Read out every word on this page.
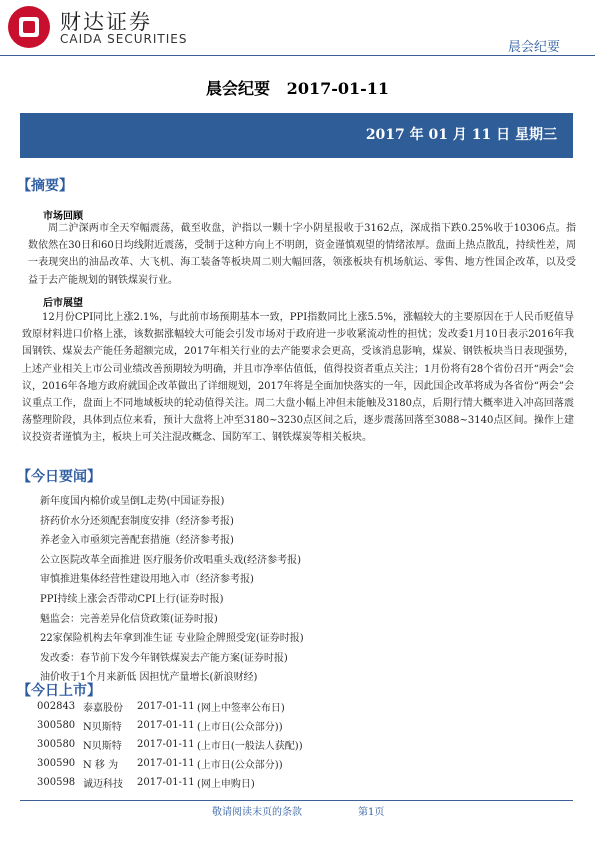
财达证券
CAIDA SECURITIES
晨会纪要
晨会纪要   2017-01-11
2017 年 01 月 11 日 星期三
【摘要】
市场回顾

周二沪深两市全天窄幅震荡，截至收盘，沪指以一颗十字小阴星报收于3162点，深成指下跌0.25%收于10306点。指数依然在30日和60日均线附近震荡，受制于这种方向上不明朗，资金谨慎观望的情绪浓厚。盘面上热点散乱，持续性差，周一表现突出的油品改革、大飞机、海工装备等板块周二则大幅回落，领涨板块有机场航运、零售、地方性国企改革，以及受益于去产能规划的钢铁煤炭行业。

后市展望

12月份CPI同比上涨2.1%，与此前市场预期基本一致，PPI指数同比上涨5.5%，涨幅较大的主要原因在于人民币贬值导致原材料进口价格上涨，该数据涨幅较大可能会引发市场对于政府进一步收紧流动性的担忧；发改委1月10日表示2016年我国钢铁、煤炭去产能任务超额完成，2017年相关行业的去产能要求会更高，受该消息影响，煤炭、钢铁板块当日表现强势，上述产业相关上市公司业绩改善预期较为明确，并且市净率估值低，值得投资者重点关注；1月份将有28个省份召开“两会”会议，2016年各地方政府就国企改革做出了详细规划，2017年将是全面加快落实的一年，因此国企改革将成为各省份“两会”会议重点工作，盘面上不同地域板块的轮动值得关注。周二大盘小幅上冲但未能触及3180点，后期行情大概率进入冲高回落震荡整理阶段，具体到点位来看，预计大盘将上冲至3180~3230点区间之后，逐步震荡回落至3088~3140点区间。操作上建议投资者谨慎为主，板块上可关注混改概念、国防军工、钢铁煤炭等相关板块。

【今日要闻】
新年度国内棉价或呈倒L走势(中国证券报)
挤药价水分还须配套制度安排（经济参考报)
养老金入市亟须完善配套措施（经济参考报)
公立医院改革全面推进 医疗服务价改唱重头戏(经济参考报)
审慎推进集体经营性建设用地入市（经济参考报)
PPI持续上涨会否带动CPI上行(证券时报)
魁监会：完善差异化信贷政策(证券时报)
22家保险机构去年拿到准生证 专业险企牌照受宠(证券时报)
发改委：春节前下发今年钢铁煤炭去产能方案(证券时报)
油价收于1个月来新低 因担忧产量增长(新浪财经)
【今日上市】
002843	泰嘉股份	2017-01-11	(网上中签率公布日)
300580	N贝斯特	2017-01-11	(上市日(公众部分))
300580	N贝斯特	2017-01-11	(上市日(一般法人获配))
300590	N 移 为	2017-01-11	(上市日(公众部分))
300598	诚迈科技	2017-01-11	(网上申购日)
敬请阅读末页的条款	第1页
